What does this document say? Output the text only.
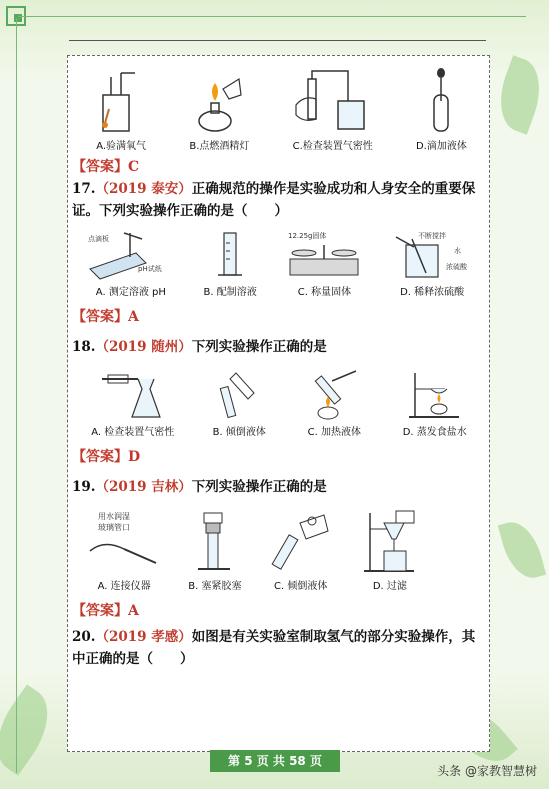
A.验满氧气	B.点燃酒精灯	C.检查装置气密性	D.滴加液体
【答案】C
17.（2019 泰安）正确规范的操作是实验成功和人身安全的重要保证。下列实验操作正确的是（　　）
点滴板
pH试纸
A. 测定溶液 pH	B. 配制溶液
12.25g固体
C. 称量固体
不断搅拌
水
浓硫酸
D. 稀释浓硫酸
【答案】A
18.（2019 随州）下列实验操作正确的是
A. 检查装置气密性	B. 倾倒液体	C. 加热液体	D. 蒸发食盐水
【答案】D
19.（2019 吉林）下列实验操作正确的是
用水润湿
玻璃管口
A. 连接仪器	B. 塞紧胶塞	C. 倾倒液体	D. 过滤
【答案】A
20.（2019 孝感）如图是有关实验室制取氢气的部分实验操作，其中正确的是（　　）
第 5 页 共 58 页
头条 @家教智慧树
